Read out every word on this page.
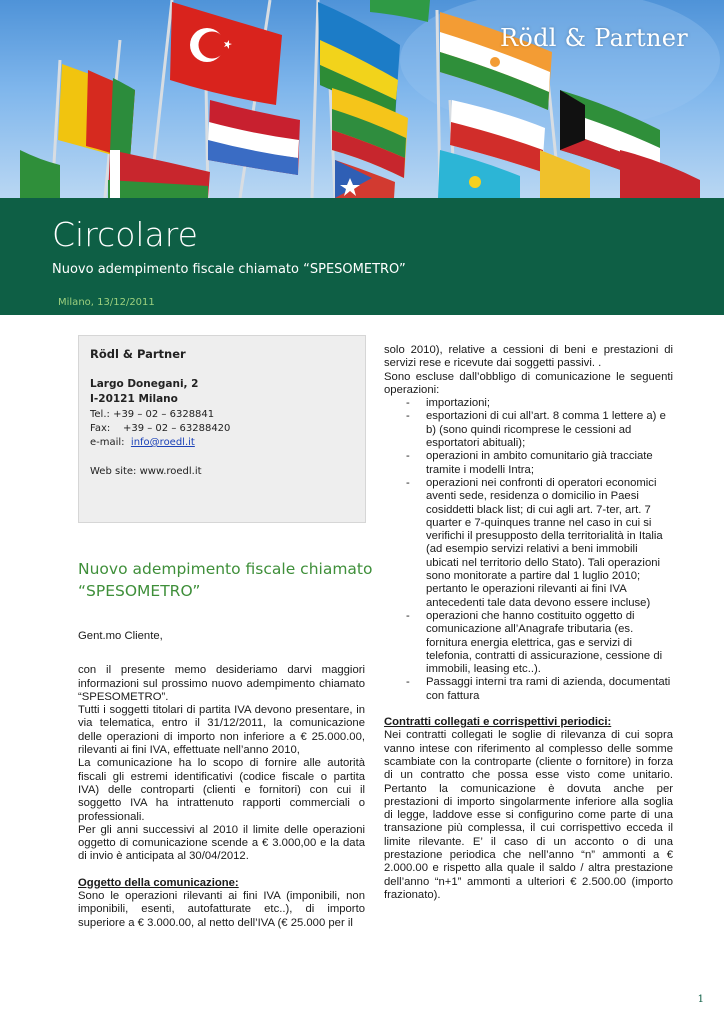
Rödl & Partner
Circolare
Nuovo adempimento fiscale chiamato “SPESOMETRO”
Milano, 13/12/2011
Rödl & Partner
Largo Donegani, 2
I-20121 Milano
Tel.: +39 – 02 – 6328841
Fax: +39 – 02 – 63288420
e-mail: info@roedl.it
Web site: www.roedl.it
Nuovo adempimento fiscale chiamato “SPESOMETRO”

Gent.mo Cliente,

con il presente memo desideriamo darvi maggiori informazioni sul prossimo nuovo adempimento chiamato “SPESOMETRO”.

Tutti i soggetti titolari di partita IVA devono presentare, in via telematica, entro il 31/12/2011, la comunicazione delle operazioni di importo non inferiore a € 25.000.00, rilevanti ai fini IVA, effettuate nell’anno 2010,

La comunicazione ha lo scopo di fornire alle autorità fiscali gli estremi identificativi (codice fiscale o partita IVA) delle controparti (clienti e fornitori) con cui il soggetto IVA ha intrattenuto rapporti commerciali o professionali.

Per gli anni successivi al 2010 il limite delle operazioni oggetto di comunicazione scende a € 3.000,00 e la data di invio è anticipata al 30/04/2012.

Oggetto della comunicazione:

Sono le operazioni rilevanti ai fini IVA (imponibili, non imponibili, esenti, autofatturate etc..), di importo superiore a € 3.000.00, al netto dell’IVA (€ 25.000 per il

solo 2010), relative a cessioni di beni e prestazioni di servizi rese e ricevute dai soggetti passivi. .

Sono escluse dall’obbligo di comunicazione le seguenti operazioni:

- importazioni;
- esportazioni di cui all’art. 8 comma 1 lettere a) e b) (sono quindi ricomprese le cessioni ad esportatori abituali);
- operazioni in ambito comunitario già tracciate tramite i modelli Intra;
- operazioni nei confronti di operatori economici aventi sede, residenza o domicilio in Paesi cosiddetti black list; di cui agli art. 7-ter, art. 7 quarter e 7-quinques tranne nel caso in cui si verifichi il presupposto della territorialità in Italia (ad esempio servizi relativi a beni immobili ubicati nel territorio dello Stato). Tali operazioni sono monitorate a partire dal 1 luglio 2010; pertanto le operazioni rilevanti ai fini IVA antecedenti tale data devono essere incluse)
- operazioni che hanno costituito oggetto di comunicazione all’Anagrafe tributaria (es. fornitura energia elettrica, gas e servizi di telefonia, contratti di assicurazione, cessione di immobili, leasing etc..).
- Passaggi interni tra rami di azienda, documentati con fattura

Contratti collegati e corrispettivi periodici:

Nei contratti collegati le soglie di rilevanza di cui sopra vanno intese con riferimento al complesso delle somme scambiate con la controparte (cliente o fornitore) in forza di un contratto che possa esse visto come unitario. Pertanto la comunicazione è dovuta anche per prestazioni di importo singolarmente inferiore alla soglia di legge, laddove esse si configurino come parte di una transazione più complessa, il cui corrispettivo ecceda il limite rilevante. E’ il caso di un acconto o di una prestazione periodica che nell’anno “n” ammonti a € 2.000.00 e rispetto alla quale il saldo / altra prestazione dell’anno “n+1” ammonti a ulteriori € 2.500.00 (importo frazionato).

1
